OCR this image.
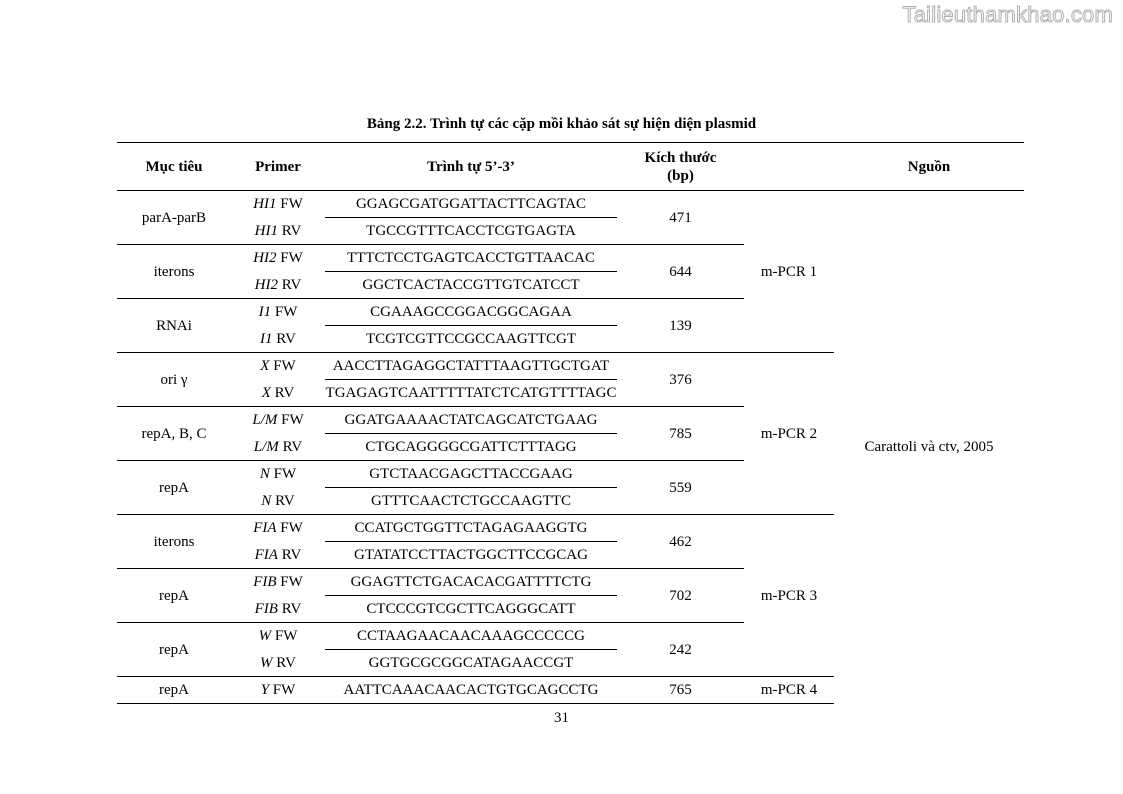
Tailieuthamkhao.com
Bảng 2.2. Trình tự các cặp mồi khảo sát sự hiện diện plasmid
Mục tiêu	Primer	Trình tự 5’-3’	Kích thước
(bp)		Nguồn
parA-parB	HI1 FW	GGAGCGATGGATTACTTCAGTAC	471	m-PCR 1	Carattoli và ctv, 2005
	HI1 RV	TGCCGTTTCACCTCGTGAGTA			
iterons	HI2 FW	TTTCTCCTGAGTCACCTGTTAACAC	644		
	HI2 RV	GGCTCACTACCGTTGTCATCCT			
RNAi	I1 FW	CGAAAGCCGGACGGCAGAA	139		
	I1 RV	TCGTCGTTCCGCCAAGTTCGT			
ori γ	X FW	AACCTTAGAGGCTATTTAAGTTGCTGAT	376	m-PCR 2	
	X RV	TGAGAGTCAATTTTTATCTCATGTTTTAGC			
repA, B, C	L/M FW	GGATGAAAACTATCAGCATCTGAAG	785		
	L/M RV	CTGCAGGGGCGATTCTTTAGG			
repA	N FW	GTCTAACGAGCTTACCGAAG	559		
	N RV	GTTTCAACTCTGCCAAGTTC			
iterons	FIA FW	CCATGCTGGTTCTAGAGAAGGTG	462	m-PCR 3	
	FIA RV	GTATATCCTTACTGGCTTCCGCAG			
repA	FIB FW	GGAGTTCTGACACACGATTTTCTG	702		
	FIB RV	CTCCCGTCGCTTCAGGGCATT			
repA	W FW	CCTAAGAACAACAAAGCCCCCG	242		
	W RV	GGTGCGCGGCATAGAACCGT			
repA	Y FW	AATTCAAACAACACTGTGCAGCCTG	765	m-PCR 4	
31
